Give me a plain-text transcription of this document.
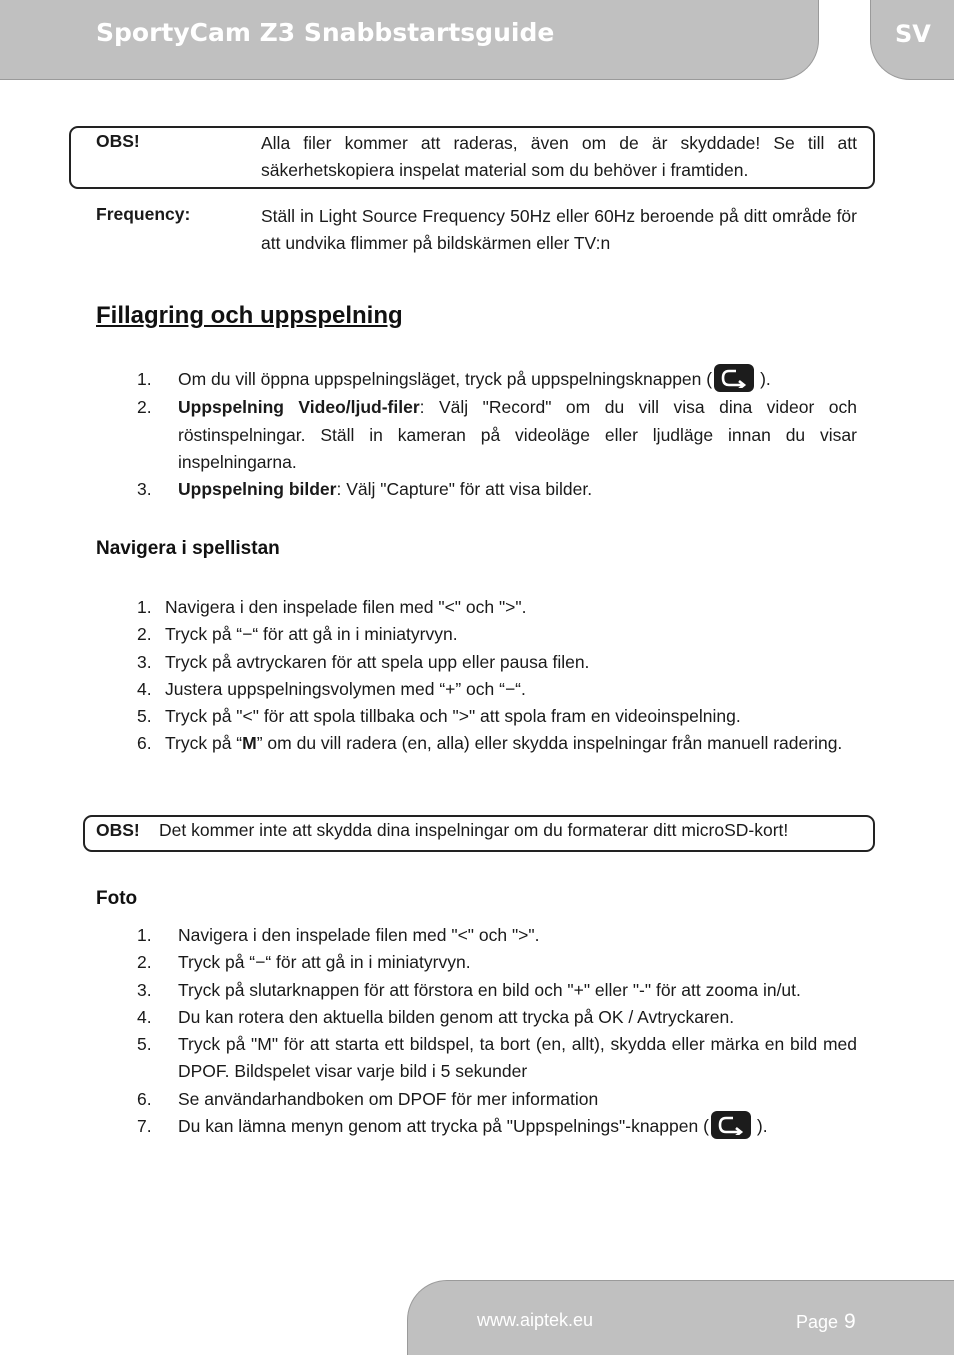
SportyCam Z3 Snabbstartsguide	SV
OBS!	Alla filer kommer att raderas, även om de är skyddade! Se till att säkerhetskopiera inspelat material som du behöver i framtiden.
Frequency:	Ställ in Light Source Frequency 50Hz eller 60Hz beroende på ditt område för att undvika flimmer på bildskärmen eller TV:n
Fillagring och uppspelning
1. Om du vill öppna uppspelningsläget, tryck på uppspelningsknappen (	).
2. Uppspelning Video/ljud-filer: Välj "Record" om du vill visa dina videor och röstinspelningar. Ställ in kameran på videoläge eller ljudläge innan du visar inspelningarna.
3. Uppspelning bilder: Välj "Capture" för att visa bilder.
Navigera i spellistan
1. Navigera i den inspelade filen med "<" och ">".
2. Tryck på “−“ för att gå in i miniatyrvyn.
3. Tryck på avtryckaren för att spela upp eller pausa filen.
4. Justera uppspelningsvolymen med “+” och “−“.
5. Tryck på "<" för att spola tillbaka och ">" att spola fram en videoinspelning.
6. Tryck på “M” om du vill radera (en, alla) eller skydda inspelningar från manuell radering.
OBS! Det kommer inte att skydda dina inspelningar om du formaterar ditt microSD-kort!
Foto
1. Navigera i den inspelade filen med "<" och ">".
2. Tryck på “−“ för att gå in i miniatyrvyn.
3. Tryck på slutarknappen för att förstora en bild och "+" eller "-" för att zooma in/ut.
4. Du kan rotera den aktuella bilden genom att trycka på OK / Avtryckaren.
5. Tryck på "M" för att starta ett bildspel, ta bort (en, allt), skydda eller märka en bild med DPOF. Bildspelet visar varje bild i 5 sekunder
6. Se användarhandboken om DPOF för mer information
7. Du kan lämna menyn genom att trycka på "Uppspelnings"-knappen (	).
www.aiptek.eu	Page 9
